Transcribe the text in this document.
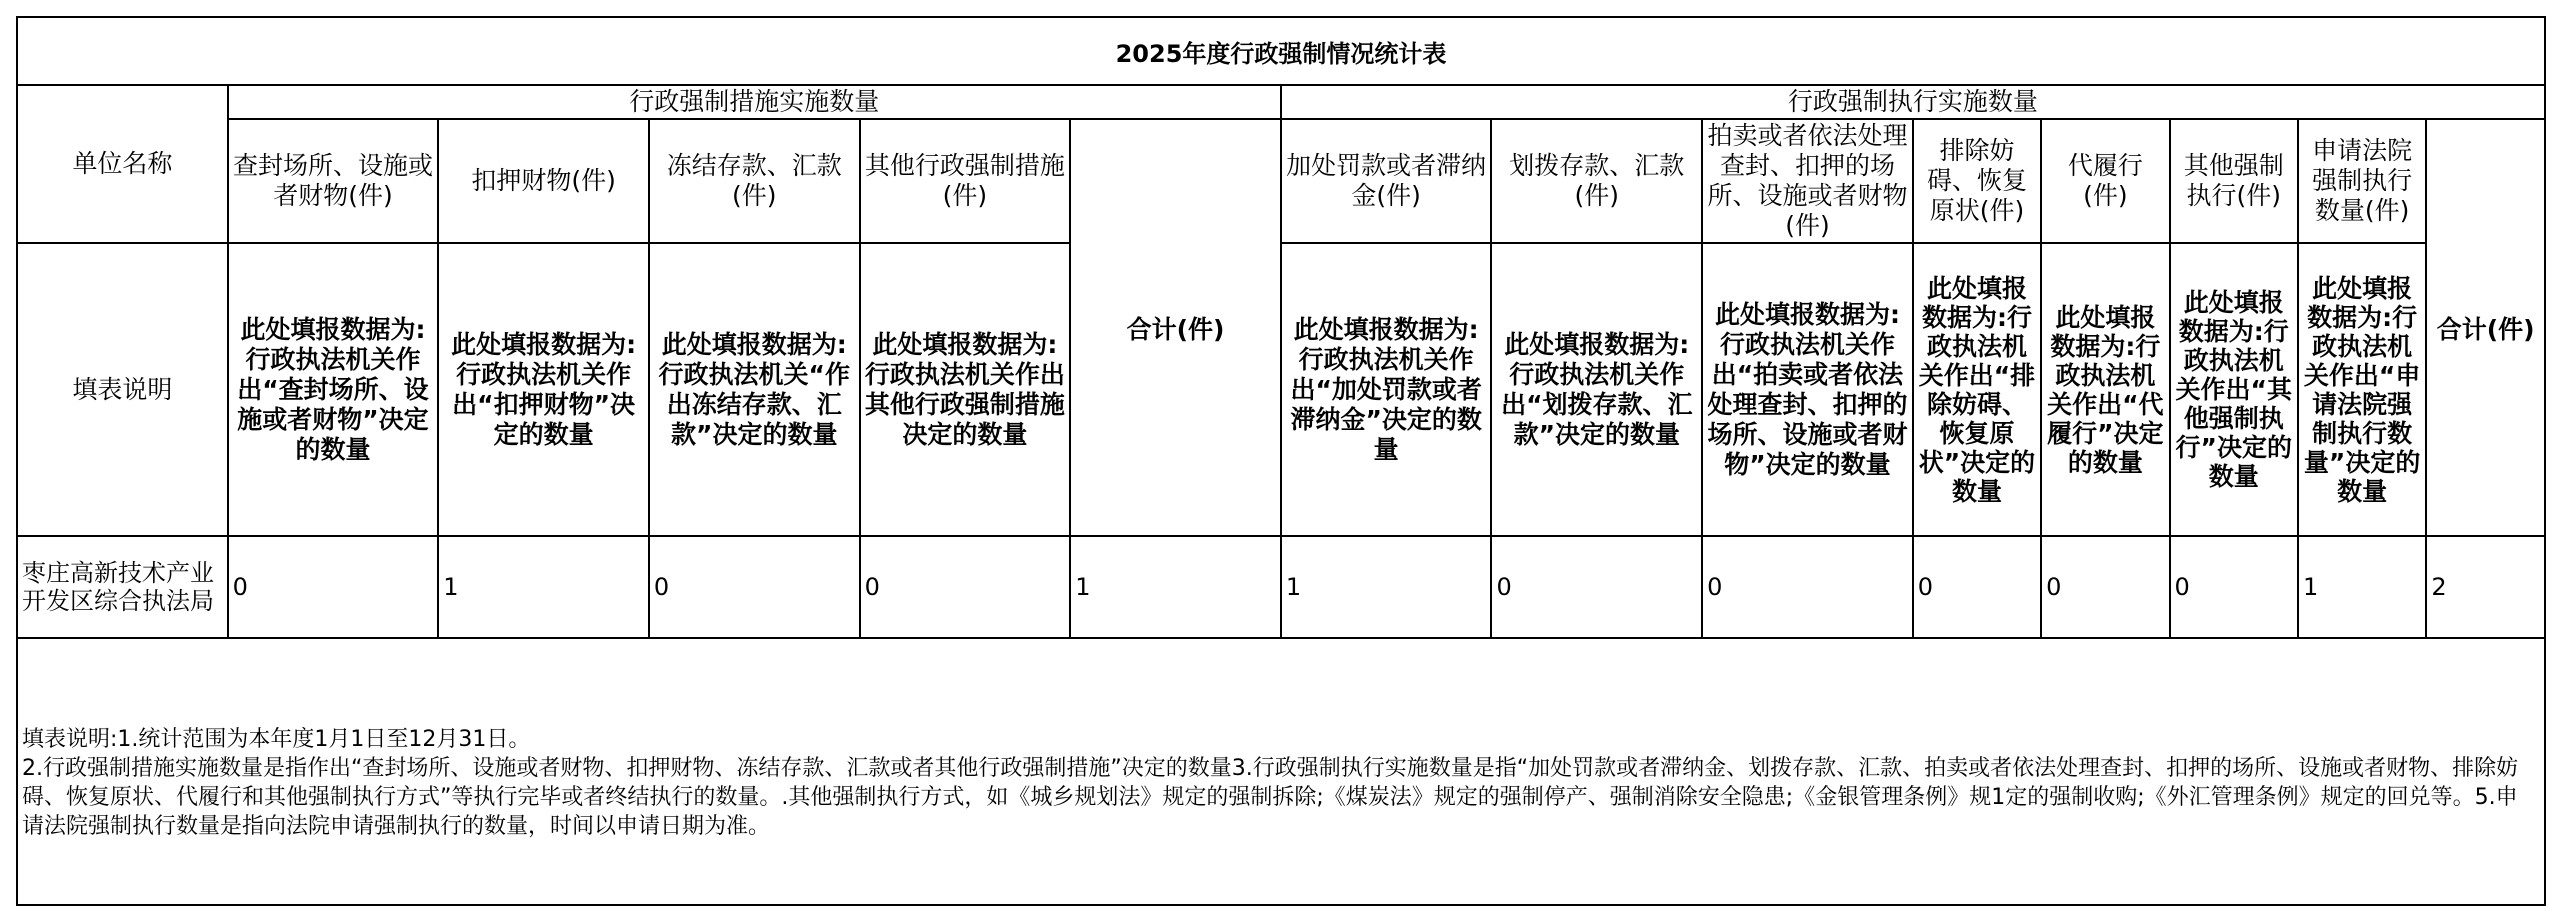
2025年度行政强制情况统计表													
单位名称	行政强制措施实施数量					行政强制执行实施数量							
	查封场所、设施或者财物(件)	扣押财物(件)	冻结存款、汇款(件)	其他行政强制措施(件)	合计(件)	加处罚款或者滞纳金(件)	划拨存款、汇款(件)	拍卖或者依法处理查封、扣押的场所、设施或者财物(件)	排除妨碍、恢复原状(件)	代履行(件)	其他强制执行(件)	申请法院强制执行数量(件)	合计(件)
填表说明	此处填报数据为:行政执法机关作出“查封场所、设施或者财物”决定的数量	此处填报数据为:行政执法机关作出“扣押财物”决定的数量	此处填报数据为:行政执法机关“作出冻结存款、汇款”决定的数量	此处填报数据为:行政执法机关作出其他行政强制措施决定的数量		此处填报数据为:行政执法机关作出“加处罚款或者滞纳金”决定的数量	此处填报数据为:行政执法机关作出“划拨存款、汇款”决定的数量	此处填报数据为:行政执法机关作出“拍卖或者依法处理查封、扣押的场所、设施或者财物”决定的数量	此处填报数据为:行政执法机关作出“排除妨碍、恢复原状”决定的数量	此处填报数据为:行政执法机关作出“代履行”决定的数量	此处填报数据为:行政执法机关作出“其他强制执行”决定的数量	此处填报数据为:行政执法机关作出“申请法院强制执行数量”决定的数量	
枣庄高新技术产业开发区综合执法局	0	1	0	0	1	1	0	0	0	0	0	1	2

填表说明:1.统计范围为本年度1月1日至12月31日。
2.行政强制措施实施数量是指作出“查封场所、设施或者财物、扣押财物、冻结存款、汇款或者其他行政强制措施”决定的数量3.行政强制执行实施数量是指“加处罚款或者滞纳金、划拨存款、汇款、拍卖或者依法处理查封、扣押的场所、设施或者财物、排除妨碍、恢复原状、代履行和其他强制执行方式”等执行完毕或者终结执行的数量。.其他强制执行方式，如《城乡规划法》规定的强制拆除;《煤炭法》规定的强制停产、强制消除安全隐患;《金银管理条例》规1定的强制收购;《外汇管理条例》规定的回兑等。5.申请法院强制执行数量是指向法院申请强制执行的数量，时间以申请日期为准。													
